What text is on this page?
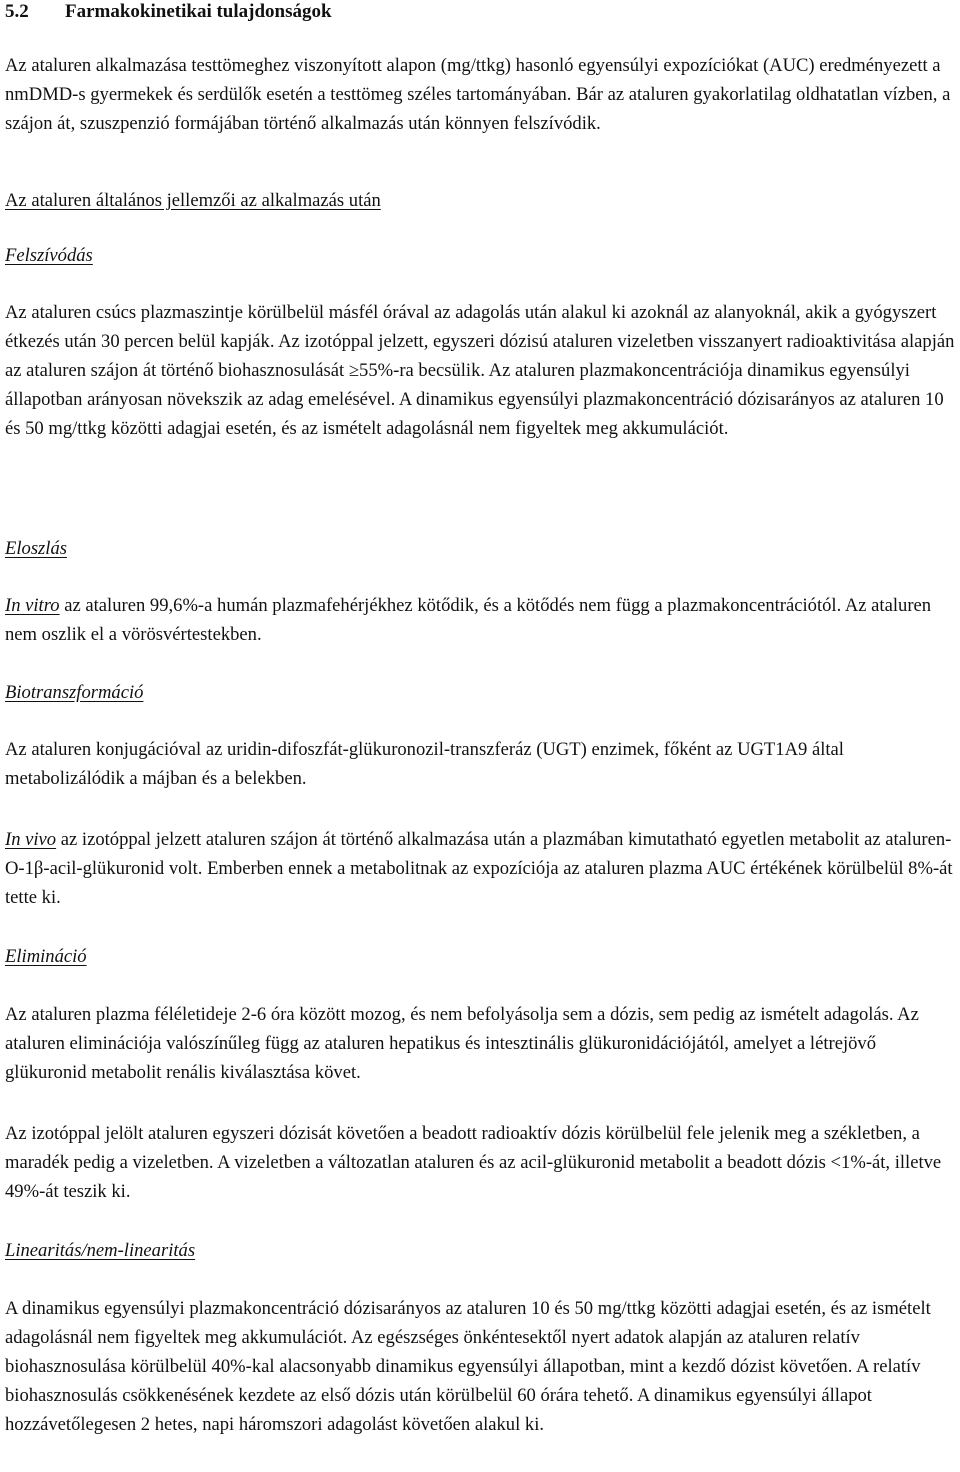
5.2 Farmakokinetikai tulajdonságok

Az ataluren alkalmazása testtömeghez viszonyított alapon (mg/ttkg) hasonló egyensúlyi expozíciókat (AUC) eredményezett a nmDMD-s gyermekek és serdülők esetén a testtömeg széles tartományában. Bár az ataluren gyakorlatilag oldhatatlan vízben, a szájon át, szuszpenzió formájában történő alkalmazás után könnyen felszívódik.

Az ataluren általános jellemzői az alkalmazás után
Felszívódás

Az ataluren csúcs plazmaszintje körülbelül másfél órával az adagolás után alakul ki azoknál az alanyoknál, akik a gyógyszert étkezés után 30 percen belül kapják. Az izotóppal jelzett, egyszeri dózisú ataluren vizeletben visszanyert radioaktivitása alapján az ataluren szájon át történő biohasznosulását ≥55%-ra becsülik. Az ataluren plazmakoncentrációja dinamikus egyensúlyi állapotban arányosan növekszik az adag emelésével. A dinamikus egyensúlyi plazmakoncentráció dózisarányos az ataluren 10 és 50 mg/ttkg közötti adagjai esetén, és az ismételt adagolásnál nem figyeltek meg akkumulációt.

Eloszlás

In vitro az ataluren 99,6%-a humán plazmafehérjékhez kötődik, és a kötődés nem függ a plazmakoncentrációtól. Az ataluren nem oszlik el a vörösvértestekben.

Biotranszformáció

Az ataluren konjugációval az uridin-difoszfát-glükuronozil-transzferáz (UGT) enzimek, főként az UGT1A9 által metabolizálódik a májban és a belekben.

In vivo az izotóppal jelzett ataluren szájon át történő alkalmazása után a plazmában kimutatható egyetlen metabolit az ataluren-O-1β-acil-glükuronid volt. Emberben ennek a metabolitnak az expozíciója az ataluren plazma AUC értékének körülbelül 8%-át tette ki.

Elimináció

Az ataluren plazma féléletideje 2-6 óra között mozog, és nem befolyásolja sem a dózis, sem pedig az ismételt adagolás. Az ataluren eliminációja valószínűleg függ az ataluren hepatikus és intesztinális glükuronidációjától, amelyet a létrejövő glükuronid metabolit renális kiválasztása követ.

Az izotóppal jelölt ataluren egyszeri dózisát követően a beadott radioaktív dózis körülbelül fele jelenik meg a székletben, a maradék pedig a vizeletben. A vizeletben a változatlan ataluren és az acil-glükuronid metabolit a beadott dózis <1%-át, illetve 49%-át teszik ki.

Linearitás/nem-linearitás

A dinamikus egyensúlyi plazmakoncentráció dózisarányos az ataluren 10 és 50 mg/ttkg közötti adagjai esetén, és az ismételt adagolásnál nem figyeltek meg akkumulációt. Az egészséges önkéntesektől nyert adatok alapján az ataluren relatív biohasznosulása körülbelül 40%-kal alacsonyabb dinamikus egyensúlyi állapotban, mint a kezdő dózist követően. A relatív biohasznosulás csökkenésének kezdete az első dózis után körülbelül 60 órára tehető. A dinamikus egyensúlyi állapot hozzávetőlegesen 2 hetes, napi háromszori adagolást követően alakul ki.
